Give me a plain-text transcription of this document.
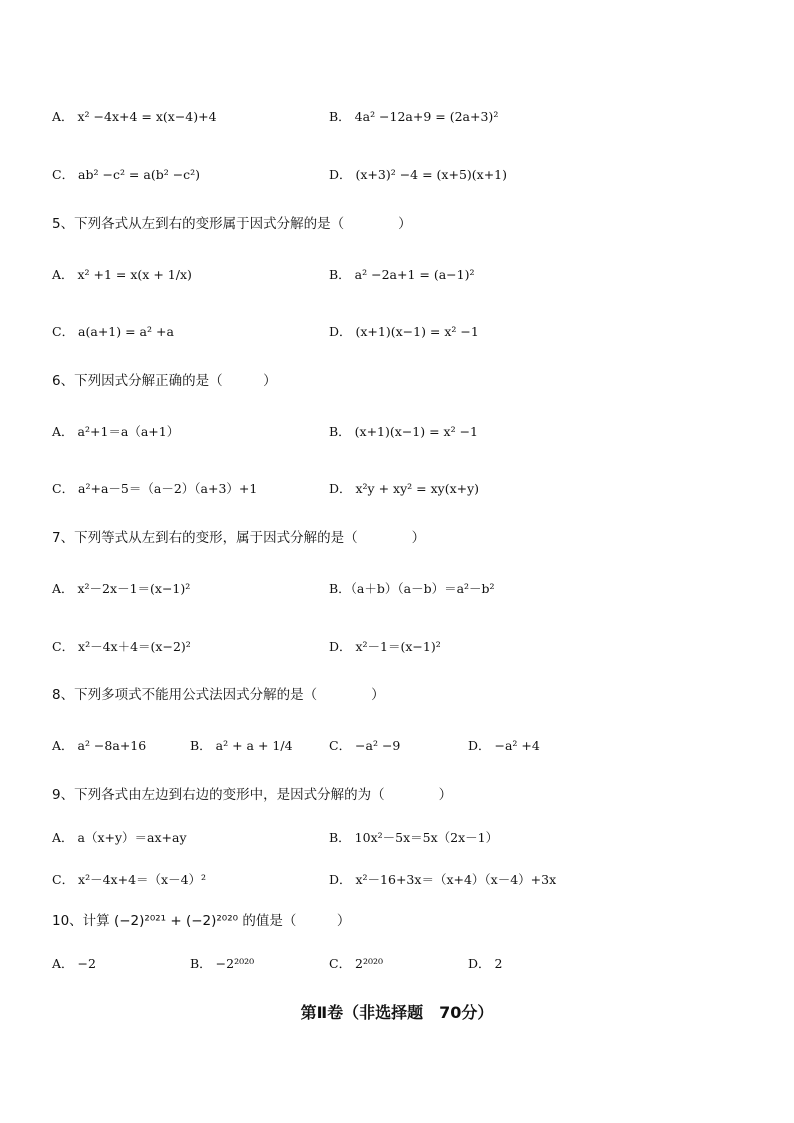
A． x² −4x+4 = x(x−4)+4	B． 4a² −12a+9 = (2a+3)²
C． ab² −c² = a(b² −c²)	D． (x+3)² −4 = (x+5)(x+1)
5、下列各式从左到右的变形属于因式分解的是（　　　　）
A． x² +1 = x(x + 1/x)	B． a² −2a+1 = (a−1)²
C． a(a+1) = a² +a	D． (x+1)(x−1) = x² −1
6、下列因式分解正确的是（　　　）
A． a²+1＝a（a+1）	B． (x+1)(x−1) = x² −1
C． a²+a－5＝（a－2）（a+3）+1	D． x²y + xy² = xy(x+y)
7、下列等式从左到右的变形，属于因式分解的是（　　　　）
A． x²－2x－1＝(x−1)²	B．（a＋b）（a－b）＝a²－b²
C． x²－4x＋4＝(x−2)²	D． x²－1＝(x−1)²
8、下列多项式不能用公式法因式分解的是（　　　　）
A． a² −8a+16	B． a² + a + 1/4	C． −a² −9	D． −a² +4
9、下列各式由左边到右边的变形中，是因式分解的为（　　　　）
A． a（x+y）＝ax+ay	B． 10x²－5x＝5x（2x－1）
C． x²－4x+4＝（x－4）²	D． x²－16+3x＝（x+4）（x－4）+3x
10、计算 (−2)²⁰²¹ + (−2)²⁰²⁰ 的值是（　　　）
A． −2	B． −2²⁰²⁰	C． 2²⁰²⁰	D． 2
第Ⅱ卷（非选择题　70分）
